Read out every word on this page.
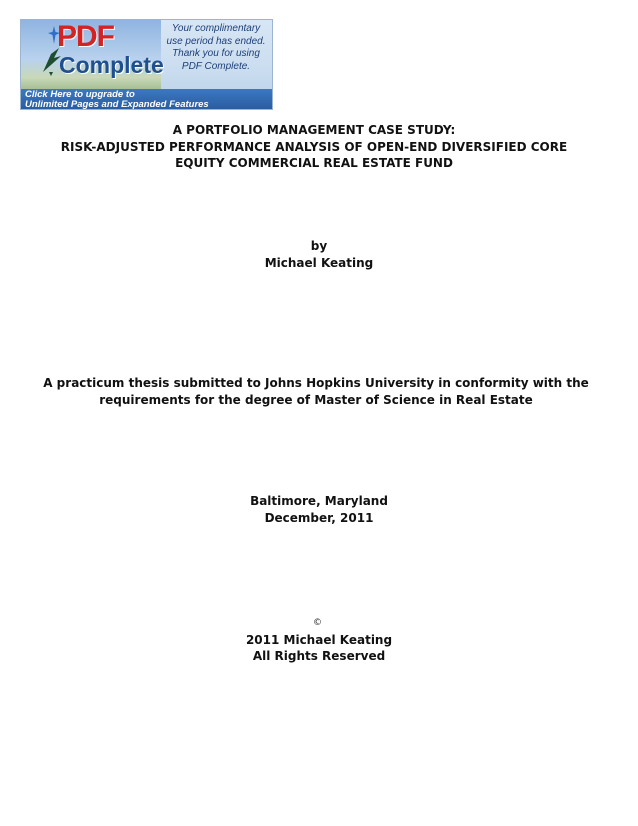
PDF
Complete
Your complimentary
use period has ended.
Thank you for using
PDF Complete.
Click Here to upgrade to
Unlimited Pages and Expanded Features
A PORTFOLIO MANAGEMENT CASE STUDY:
RISK-ADJUSTED PERFORMANCE ANALYSIS OF OPEN-END DIVERSIFIED CORE
EQUITY COMMERCIAL REAL ESTATE FUND
by
Michael Keating
A practicum thesis submitted to Johns Hopkins University in conformity with the
requirements for the degree of Master of Science in Real Estate
Baltimore, Maryland
December, 2011
©
2011 Michael Keating
All Rights Reserved
